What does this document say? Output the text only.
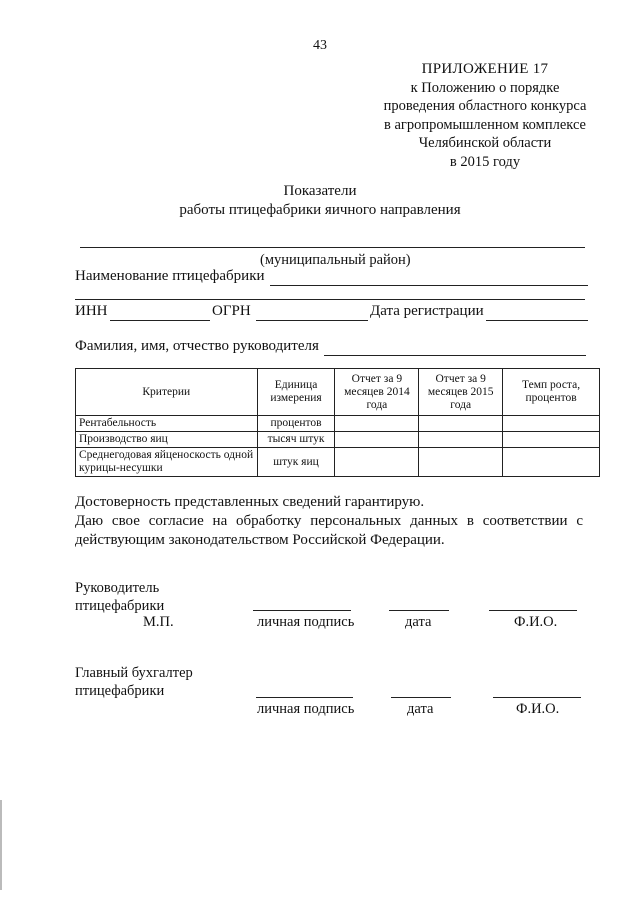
43
ПРИЛОЖЕНИЕ 17
к Положению о порядке
проведения областного конкурса
в агропромышленном комплексе
Челябинской области
в 2015 году
Показатели
работы птицефабрики яичного направления
(муниципальный район)
Наименование птицефабрики
ИНН	ОГРН	Дата регистрации
Фамилия, имя, отчество руководителя
Критерии	Единица измерения	Отчет за 9 месяцев 2014 года	Отчет за 9 месяцев 2015 года	Темп роста, процентов
Рентабельность	процентов			
Производство яиц	тысяч штук			
Среднегодовая яйценоскость одной курицы-несушки	штук яиц			
Достоверность представленных сведений гарантирую.
Даю свое согласие на обработку персональных данных в соответствии с действующим законодательством Российской Федерации.
Руководитель
птицефабрики
М.П.	личная подпись	дата	Ф.И.О.
Главный бухгалтер
птицефабрики
личная подпись	дата	Ф.И.О.
